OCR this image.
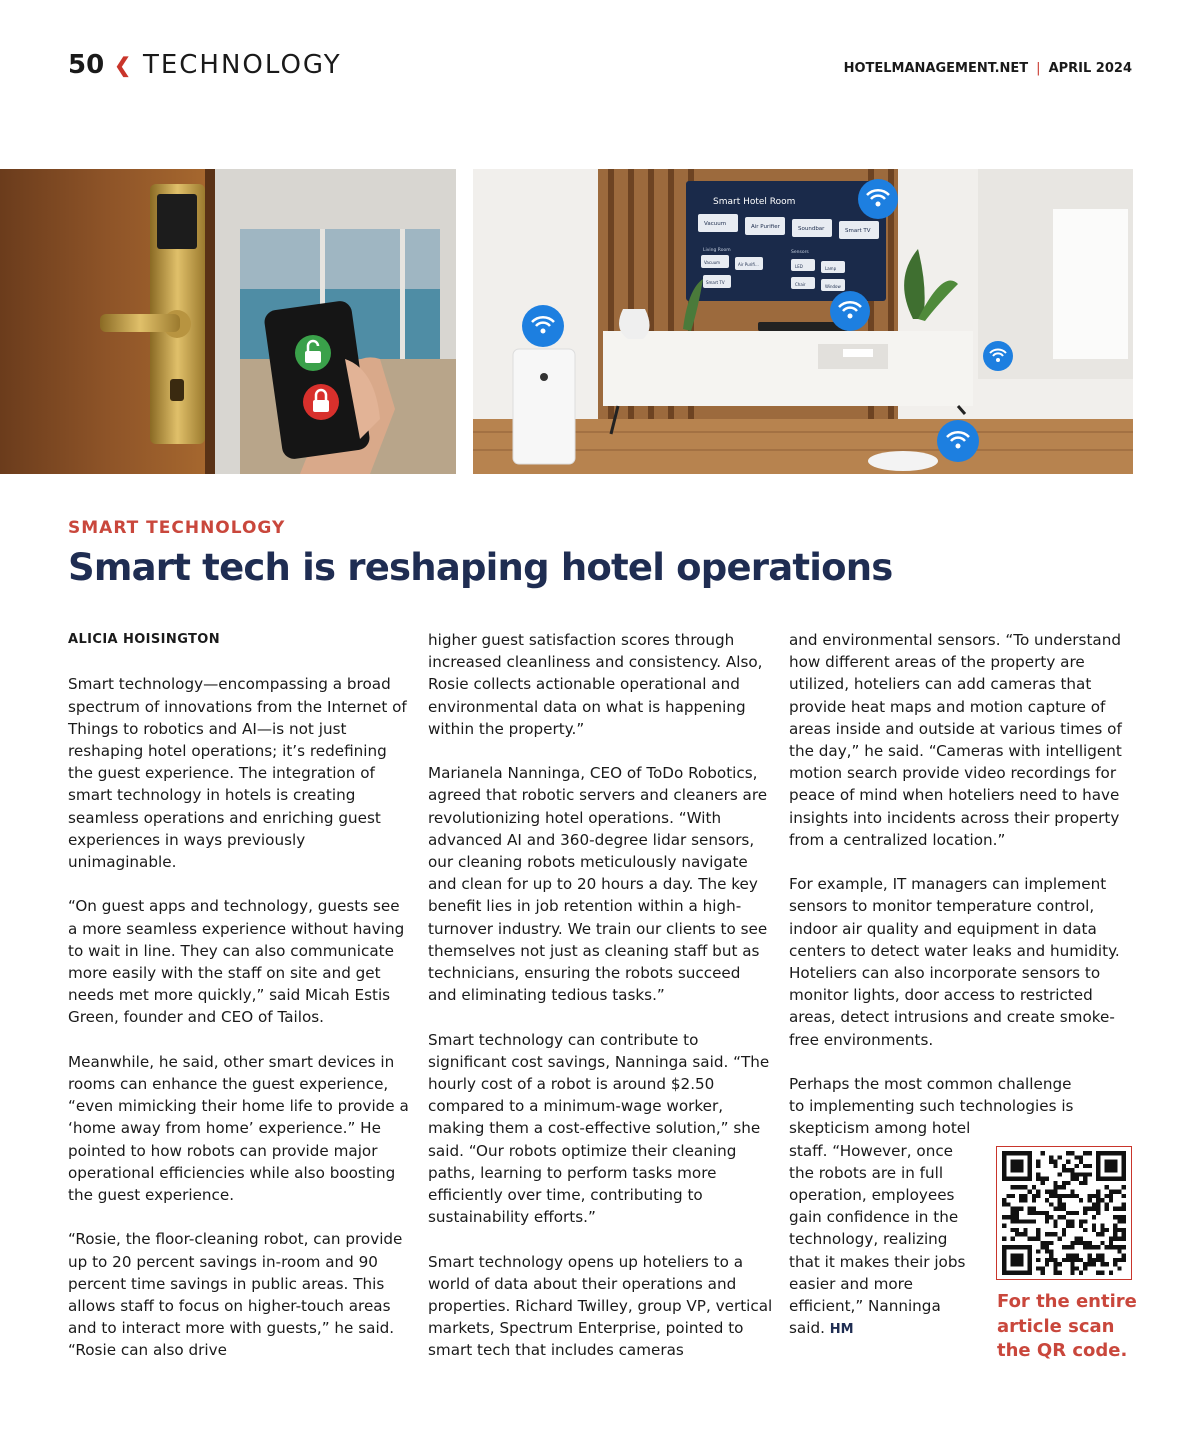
50 ❮ TECHNOLOGY	HOTELMANAGEMENT.NET | APRIL 2024
Smart Hotel Room
Vacuum	Air Purifier	Soundbar	Smart TV
Vacuum	Air Purifi...
Smart TV
LED	Lamp
Chair	Window
Living Room	Sensors
SMART TECHNOLOGY
Smart tech is reshaping hotel operations

ALICIA HOISINGTON

Smart technology—encompassing a broad spectrum of innovations from the Internet of Things to robotics and AI—is not just reshaping hotel operations; it’s redefining the guest experience. The integration of smart technology in hotels is creating seamless operations and enriching guest experiences in ways previously unimaginable.

“On guest apps and technology, guests see a more seamless experience without having to wait in line. They can also communicate more easily with the staff on site and get needs met more quickly,” said Micah Estis Green, founder and CEO of Tailos.

Meanwhile, he said, other smart devices in rooms can enhance the guest experience, “even mimicking their home life to provide a ‘home away from home’ experience.” He pointed to how robots can provide major operational efficiencies while also boosting the guest experience.

“Rosie, the floor-cleaning robot, can provide up to 20 percent savings in-room and 90 percent time savings in public areas. This allows staff to focus on higher-touch areas and to interact more with guests,” he said. “Rosie can also drive

higher guest satisfaction scores through increased cleanliness and consistency. Also, Rosie collects actionable operational and environmental data on what is happening within the property.”

Marianela Nanninga, CEO of ToDo Robotics, agreed that robotic servers and cleaners are revolutionizing hotel operations. “With advanced AI and 360-degree lidar sensors, our cleaning robots meticulously navigate and clean for up to 20 hours a day. The key benefit lies in job retention within a high-turnover industry. We train our clients to see themselves not just as cleaning staff but as technicians, ensuring the robots succeed and eliminating tedious tasks.”

Smart technology can contribute to significant cost savings, Nanninga said. “The hourly cost of a robot is around $2.50 compared to a minimum-wage worker, making them a cost-effective solution,” she said. “Our robots optimize their cleaning paths, learning to perform tasks more efficiently over time, contributing to sustainability efforts.”

Smart technology opens up hoteliers to a world of data about their operations and properties. Richard Twilley, group VP, vertical markets, Spectrum Enterprise, pointed to smart tech that includes cameras

and environmental sensors. “To understand how different areas of the property are utilized, hoteliers can add cameras that provide heat maps and motion capture of areas inside and outside at various times of the day,” he said. “Cameras with intelligent motion search provide video recordings for peace of mind when hoteliers need to have insights into incidents across their property from a centralized location.”

For example, IT managers can implement sensors to monitor temperature control, indoor air quality and equipment in data centers to detect water leaks and humidity. Hoteliers can also incorporate sensors to monitor lights, door access to restricted areas, detect intrusions and create smoke-free environments.

Perhaps the most common challenge to implementing such technologies is
skepticism among hotel staff. “However, once the robots are in full operation, employees gain confidence in the technology, realizing that it makes their jobs easier and more efficient,” Nanninga said. HM
For the entire article scan the QR code.
